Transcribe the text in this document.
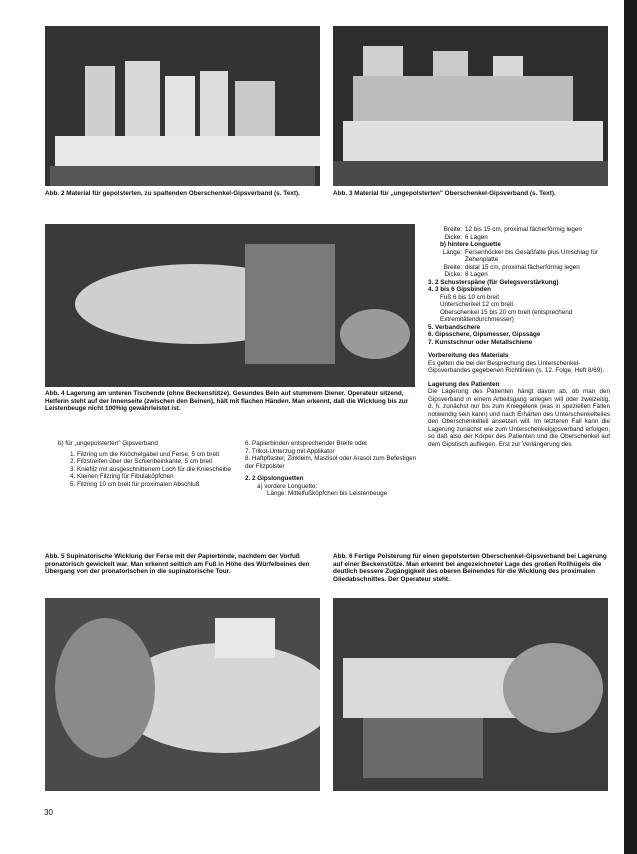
Abb. 2 Material für gepolsterten, zu spaltenden Oberschenkel-Gipsverband (s. Text).	Abb. 3 Material für „ungepolsterten" Oberschenkel-Gipsverband (s. Text).

Abb. 4 Lagerung am unteren Tischende (ohne Beckenstütze). Gesundes Bein auf stummem Diener. Operateur sitzend, Helferin steht auf der Innenseite (zwischen den Beinen), hält mit flachen Händen. Man erkennt, daß die Wicklung bis zur Leistenbeuge nicht 100%ig gewährleistet ist.

Breite: 12 bis 15 cm, proximal fächerförmig legen
Dicke: 6 Lagen

b) hintere Longuette

Länge: Fersenhöcker bis Gesäßfalte plus Umschlag für Zehenplatte
Breite: distal 15 cm, proximal fächerförmig legen
Dicke: 8 Lagen

3. 2 Schusterspäne (für Gelegsverstärkung)

4. 3 bis 6 Gipsbinden

Fuß 6 bis 10 cm breit

Unterschenkel 12 cm breit

Oberschenkel 15 bis 20 cm breit (entsprechend Extremitätendurchmesser)

5. Verbandschere

6. Gipsschere, Gipsmesser, Gipssäge

7. Kunstschnur oder Metallschiene

Vorbereitung des Materials

Es gelten die bei der Besprechung des Unterschenkel-Gipsverbandes gegebenen Richtlinien (s. 12. Folge, Heft 8/69).

Lagerung des Patienten

Die Lagerung des Patienten hängt davon ab, ob man den Gipsverband in einem Arbeitsgang anlegen will oder zweizeitig, d. h. zunächst nur bis zum Kniegelenk (was in speziellen Fällen notwendig sein kann) und nach Erhärten des Unterschenkelteiles den Oberschenkelteil ansetzen will. Im letzteren Fall kann die Lagerung zunächst wie zum Unterschenkelgipsverband erfolgen, so daß also der Körper des Patienten und die Oberschenkel auf dem Gipstisch aufliegen. Erst zur Verlängerung des

b) für „ungepolsterten" Gipsverband

1. Filzring um die Knöchelgabel und Ferse, 5 cm breit

2. Filzstreifen über der Schienbeinkante, 5 cm breit

3. Kniefilz mit ausgeschnittenem Loch für die Kniescheibe

4. Kleinen Filzring für Fibulaköpfchen

5. Filzring 10 cm breit für proximalen Abschluß

6. Papierbinden entsprechender Breite oder

7. Trikot-Unterzug mit Applikator

8. Haftpflaster, Zinkleim, Mastisol oder Arasol zum Befestigen der Filzpolster

2. 2 Gipslonguetten

a) vordere Longuette:

Länge: Mittelfußköpfchen bis Leistenbeuge

Abb. 5 Supinatorische Wicklung der Ferse mit der Papierbinde, nachdem der Vorfuß pronatorisch gewickelt war. Man erkennt seitlich am Fuß in Höhe des Würfelbeines den Übergang von der pronatorischen in die supinatorische Tour.

Abb. 6 Fertige Polsterung für einen gepolsterten Oberschenkel-Gipsverband bei Lagerung auf einer Beckenstütze. Man erkennt bei angezeichneter Lage des großen Rollhügels die deutlich bessere Zugängigkeit des oberen Beinendes für die Wicklung des proximalen Gliedabschnittes. Der Operateur steht.

30
